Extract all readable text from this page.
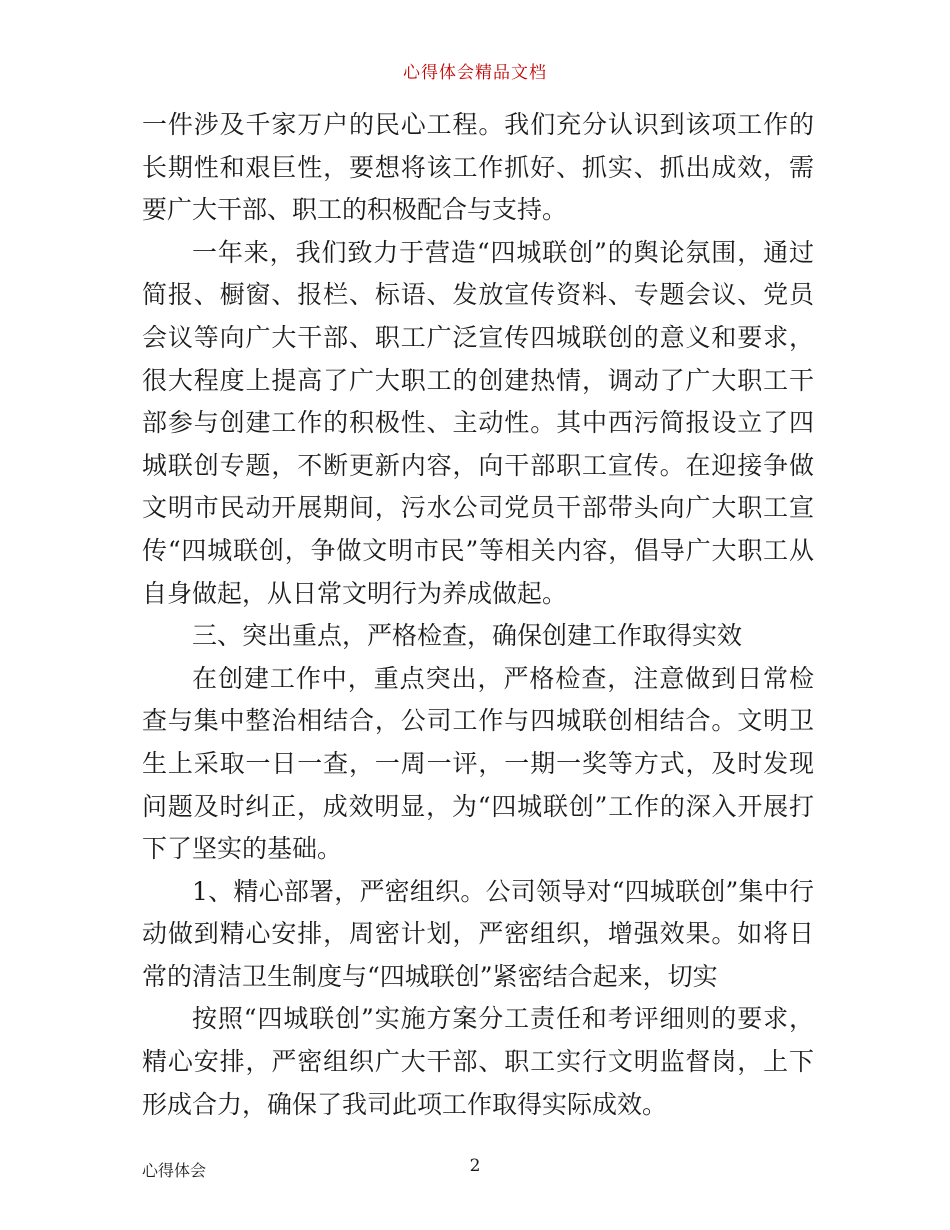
心得体会精品文档

一件涉及千家万户的民心工程。我们充分认识到该项工作的长期性和艰巨性，要想将该工作抓好、抓实、抓出成效，需要广大干部、职工的积极配合与支持。

一年来，我们致力于营造“四城联创”的舆论氛围，通过简报、橱窗、报栏、标语、发放宣传资料、专题会议、党员会议等向广大干部、职工广泛宣传四城联创的意义和要求，很大程度上提高了广大职工的创建热情，调动了广大职工干部参与创建工作的积极性、主动性。其中西污简报设立了四城联创专题，不断更新内容，向干部职工宣传。在迎接争做文明市民动开展期间，污水公司党员干部带头向广大职工宣传“四城联创，争做文明市民”等相关内容，倡导广大职工从自身做起，从日常文明行为养成做起。

三、突出重点，严格检查，确保创建工作取得实效

在创建工作中，重点突出，严格检查，注意做到日常检查与集中整治相结合，公司工作与四城联创相结合。文明卫生上采取一日一查，一周一评，一期一奖等方式，及时发现问题及时纠正，成效明显，为“四城联创”工作的深入开展打下了坚实的基础。

1、精心部署，严密组织。公司领导对“四城联创”集中行动做到精心安排，周密计划，严密组织，增强效果。如将日常的清洁卫生制度与“四城联创”紧密结合起来，切实

按照“四城联创”实施方案分工责任和考评细则的要求，精心安排，严密组织广大干部、职工实行文明监督岗，上下形成合力，确保了我司此项工作取得实际成效。

心得体会	2
